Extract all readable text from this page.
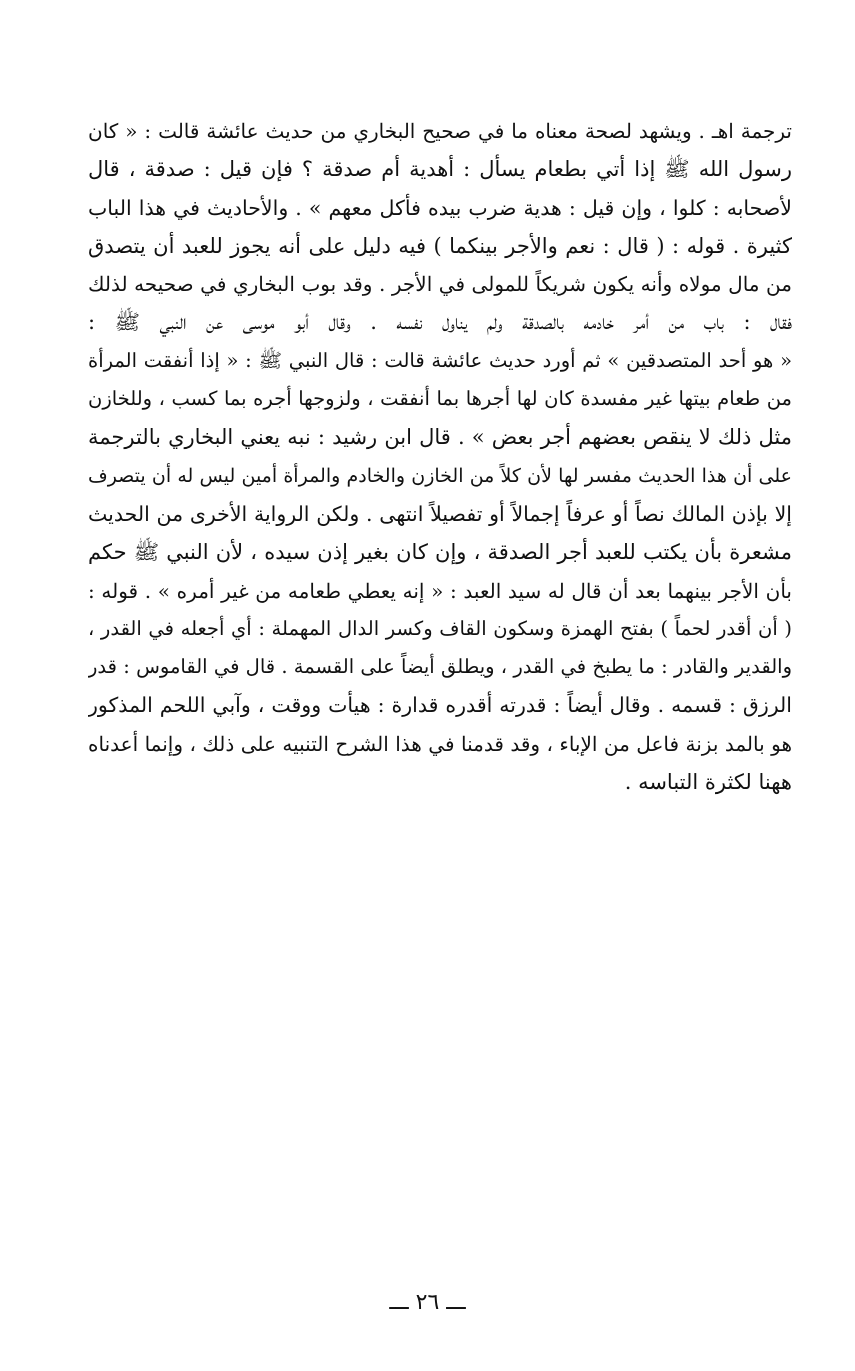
ترجمة اهـ . ويشهد لصحة معناه ما في صحيح البخاري من حديث عائشة قالت : « كان
رسول الله ﷺ إذا أتي بطعام يسأل : أهدية أم صدقة ؟ فإن قيل : صدقة ، قال
لأصحابه : كلوا ، وإن قيل : هدية ضرب بيده فأكل معهم » . والأحاديث في هذا الباب
كثيرة . قوله : ( قال : نعم والأجر بينكما ) فيه دليل على أنه يجوز للعبد أن يتصدق
من مال مولاه وأنه يكون شريكاً للمولى في الأجر . وقد بوب البخاري في صحيحه لذلك
فقال : باب من أمر خادمه بالصدقة ولم يناول نفسه . وقال أبو موسى عن النبي ﷺ :
« هو أحد المتصدقين » ثم أورد حديث عائشة قالت : قال النبي ﷺ : « إذا أنفقت المرأة
من طعام بيتها غير مفسدة كان لها أجرها بما أنفقت ، ولزوجها أجره بما كسب ، وللخازن
مثل ذلك لا ينقص بعضهم أجر بعض » . قال ابن رشيد : نبه يعني البخاري بالترجمة
على أن هذا الحديث مفسر لها لأن كلاً من الخازن والخادم والمرأة أمين ليس له أن يتصرف
إلا بإذن المالك نصاً أو عرفاً إجمالاً أو تفصيلاً انتهى . ولكن الرواية الأخرى من الحديث
مشعرة بأن يكتب للعبد أجر الصدقة ، وإن كان بغير إذن سيده ، لأن النبي ﷺ حكم
بأن الأجر بينهما بعد أن قال له سيد العبد : « إنه يعطي طعامه من غير أمره » . قوله :
( أن أقدر لحماً ) بفتح الهمزة وسكون القاف وكسر الدال المهملة : أي أجعله في القدر ،
والقدير والقادر : ما يطبخ في القدر ، ويطلق أيضاً على القسمة . قال في القاموس : قدر
الرزق : قسمه . وقال أيضاً : قدرته أقدره قدارة : هيأت ووقت ، وآبي اللحم المذكور
هو بالمد بزنة فاعل من الإباء ، وقد قدمنا في هذا الشرح التنبيه على ذلك ، وإنما أعدناه
ههنا لكثرة التباسه .
ـــ ٢٦ ـــ
